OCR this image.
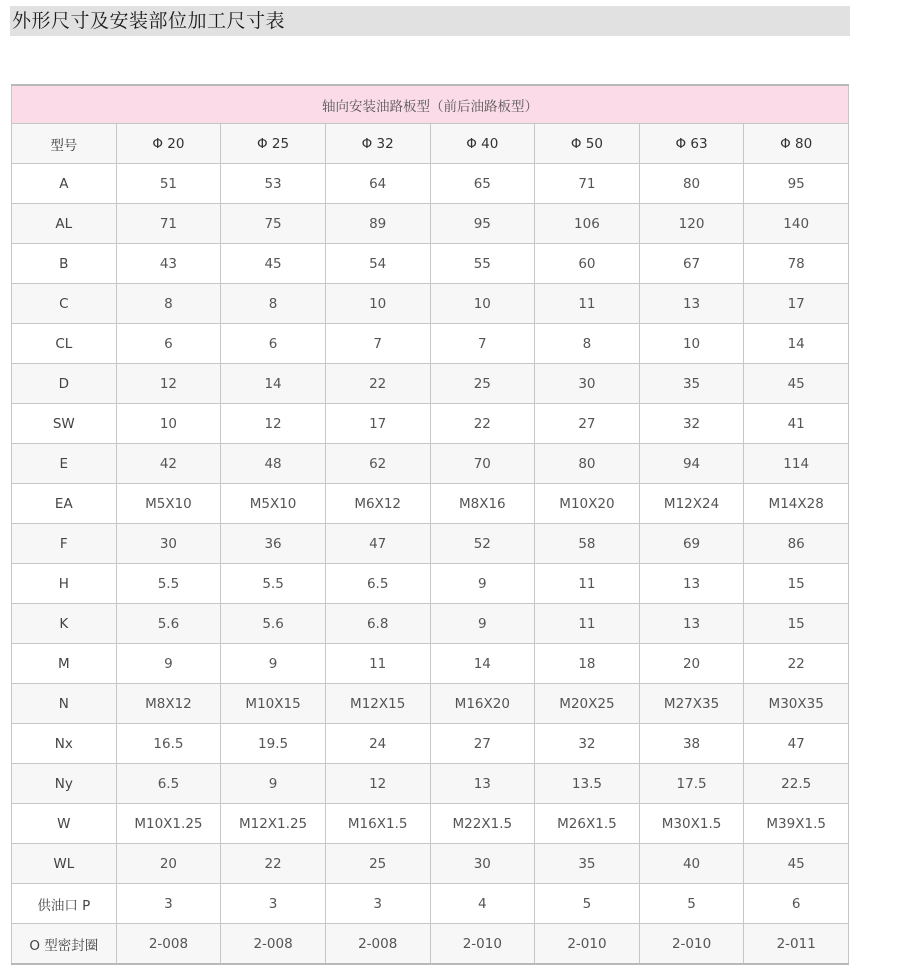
外形尺寸及安装部位加工尺寸表
轴向安装油路板型（前后油路板型）							
型号	Φ 20	Φ 25	Φ 32	Φ 40	Φ 50	Φ 63	Φ 80
A	51	53	64	65	71	80	95
AL	71	75	89	95	106	120	140
B	43	45	54	55	60	67	78
C	8	8	10	10	11	13	17
CL	6	6	7	7	8	10	14
D	12	14	22	25	30	35	45
SW	10	12	17	22	27	32	41
E	42	48	62	70	80	94	114
EA	M5X10	M5X10	M6X12	M8X16	M10X20	M12X24	M14X28
F	30	36	47	52	58	69	86
H	5.5	5.5	6.5	9	11	13	15
K	5.6	5.6	6.8	9	11	13	15
M	9	9	11	14	18	20	22
N	M8X12	M10X15	M12X15	M16X20	M20X25	M27X35	M30X35
Nx	16.5	19.5	24	27	32	38	47
Ny	6.5	9	12	13	13.5	17.5	22.5
W	M10X1.25	M12X1.25	M16X1.5	M22X1.5	M26X1.5	M30X1.5	M39X1.5
WL	20	22	25	30	35	40	45
供油口 P	3	3	3	4	5	5	6
O 型密封圈	2-008	2-008	2-008	2-010	2-010	2-010	2-011
